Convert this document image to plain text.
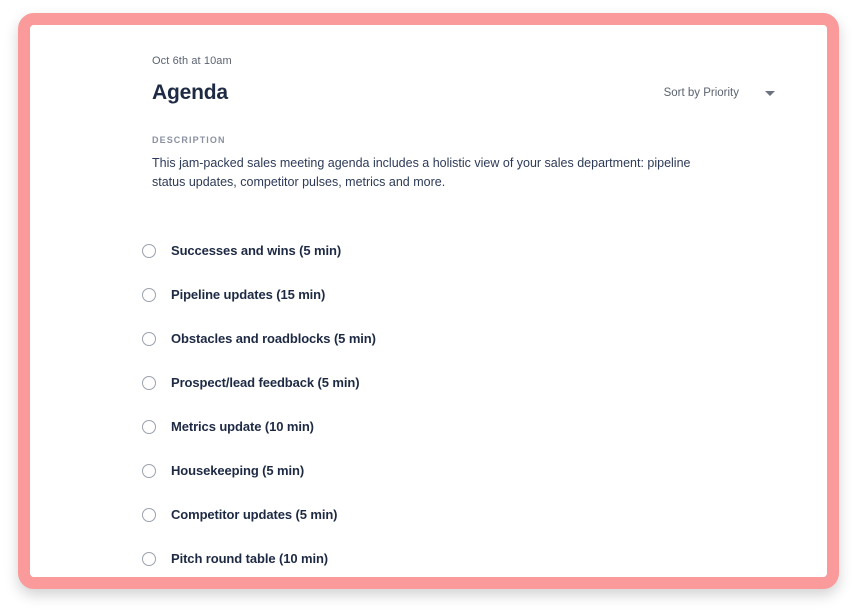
Oct 6th at 10am
Agenda	Sort by Priority
DESCRIPTION
This jam-packed sales meeting agenda includes a holistic view of your sales department: pipeline status updates, competitor pulses, metrics and more.
Successes and wins (5 min)
Pipeline updates (15 min)
Obstacles and roadblocks (5 min)
Prospect/lead feedback (5 min)
Metrics update (10 min)
Housekeeping (5 min)
Competitor updates (5 min)
Pitch round table (10 min)
